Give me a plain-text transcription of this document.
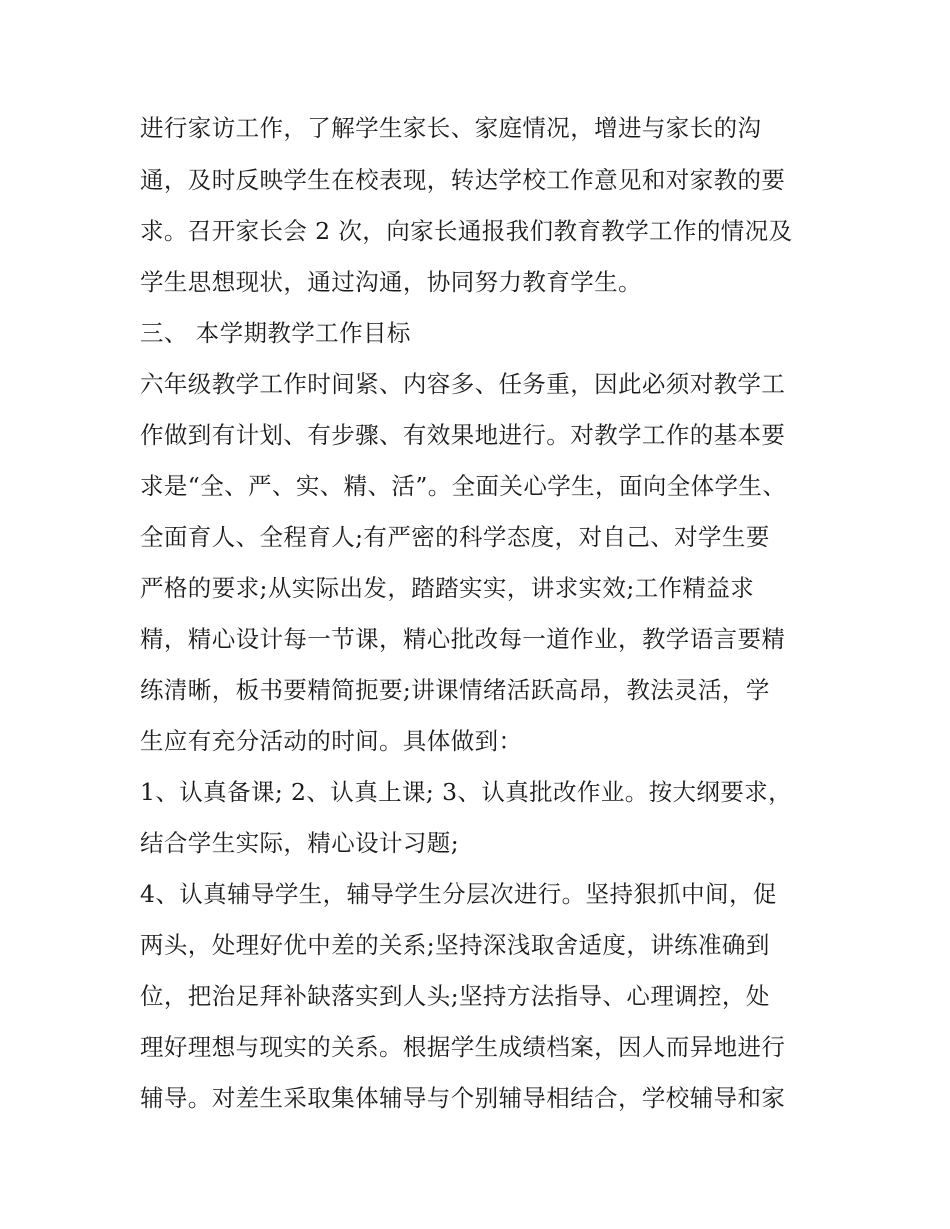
进行家访工作，了解学生家长、家庭情况，增进与家长的沟
通，及时反映学生在校表现，转达学校工作意见和对家教的要
求。召开家长会 2 次，向家长通报我们教育教学工作的情况及
学生思想现状，通过沟通，协同努力教育学生。
三、 本学期教学工作目标
六年级教学工作时间紧、内容多、任务重，因此必须对教学工
作做到有计划、有步骤、有效果地进行。对教学工作的基本要
求是“全、严、实、精、活”。全面关心学生，面向全体学生、
全面育人、全程育人;有严密的科学态度，对自己、对学生要
严格的要求;从实际出发，踏踏实实，讲求实效;工作精益求
精，精心设计每一节课，精心批改每一道作业，教学语言要精
练清晰，板书要精简扼要;讲课情绪活跃高昂，教法灵活，学
生应有充分活动的时间。具体做到：
1、认真备课; 2、认真上课; 3、认真批改作业。按大纲要求，
结合学生实际，精心设计习题;
4、认真辅导学生，辅导学生分层次进行。坚持狠抓中间，促
两头，处理好优中差的关系;坚持深浅取舍适度，讲练准确到
位，把治足拜补缺落实到人头;坚持方法指导、心理调控，处
理好理想与现实的关系。根据学生成绩档案，因人而异地进行
辅导。对差生采取集体辅导与个别辅导相结合，学校辅导和家
